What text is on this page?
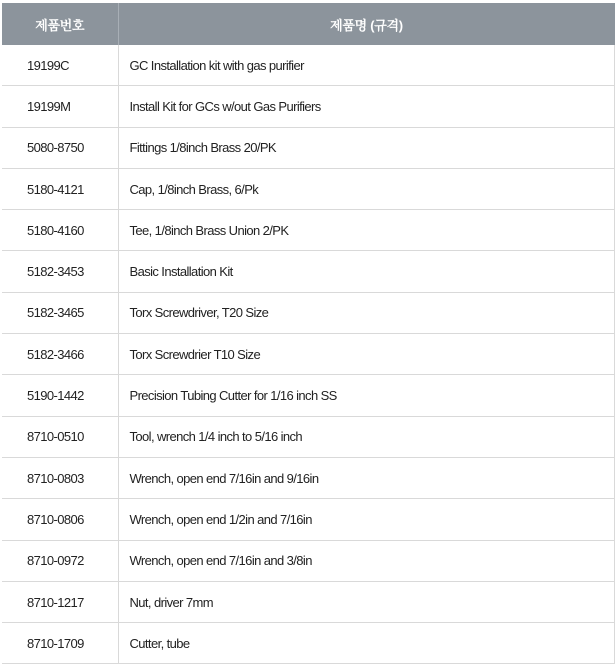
제품번호	제품명 (규격)
19199C	GC Installation kit with gas purifier
19199M	Install Kit for GCs w/out Gas Purifiers
5080-8750	Fittings 1/8inch Brass 20/PK
5180-4121	Cap, 1/8inch Brass, 6/Pk
5180-4160	Tee, 1/8inch Brass Union 2/PK
5182-3453	Basic Installation Kit
5182-3465	Torx Screwdriver, T20 Size
5182-3466	Torx Screwdrier T10 Size
5190-1442	Precision Tubing Cutter for 1/16 inch SS
8710-0510	Tool, wrench 1/4 inch to 5/16 inch
8710-0803	Wrench, open end 7/16in and 9/16in
8710-0806	Wrench, open end 1/2in and 7/16in
8710-0972	Wrench, open end 7/16in and 3/8in
8710-1217	Nut, driver 7mm
8710-1709	Cutter, tube
